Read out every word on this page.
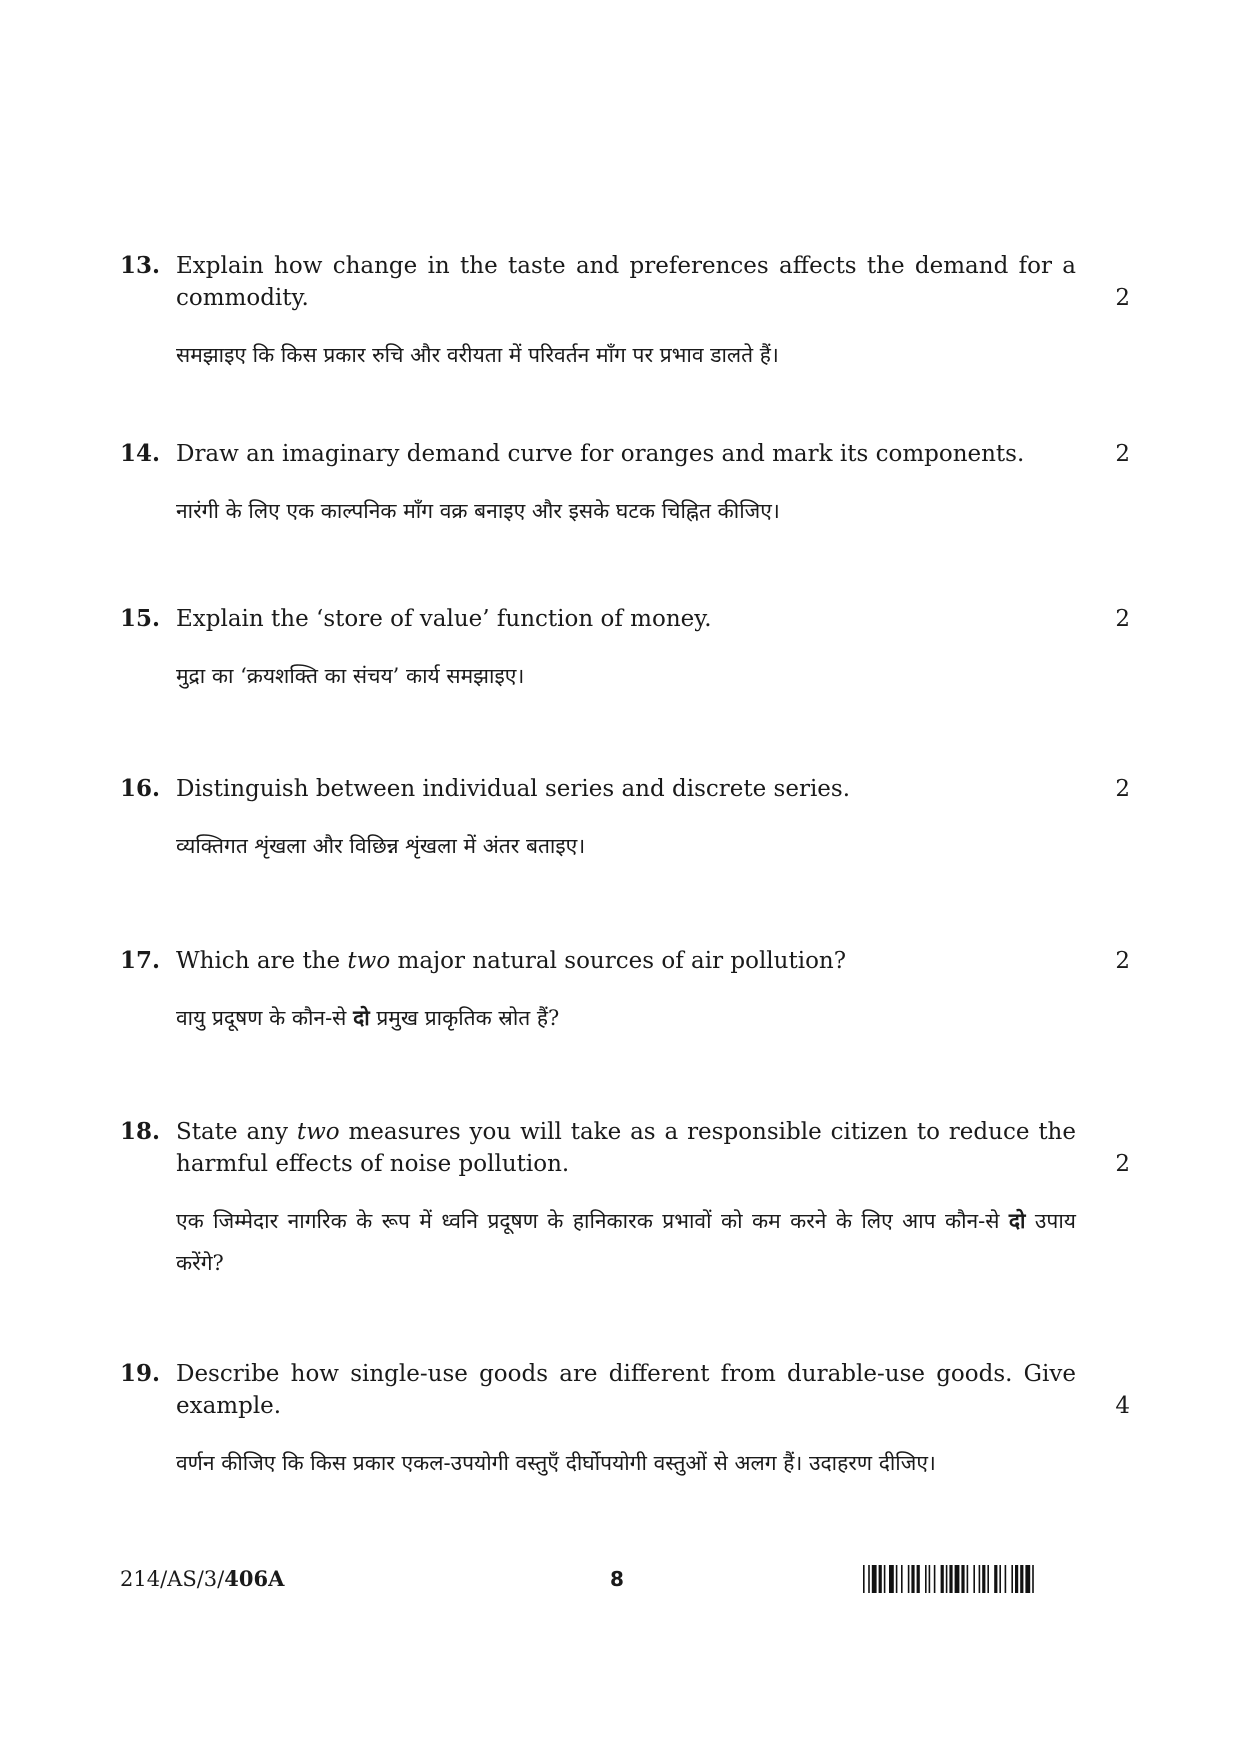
13. Explain how change in the taste and preferences affects the demand for a commodity.	2
समझाइए कि किस प्रकार रुचि और वरीयता में परिवर्तन माँग पर प्रभाव डालते हैं।
14. Draw an imaginary demand curve for oranges and mark its components.	2
नारंगी के लिए एक काल्पनिक माँग वक्र बनाइए और इसके घटक चिह्नित कीजिए।
15. Explain the ‘store of value’ function of money.	2
मुद्रा का ‘क्रयशक्ति का संचय’ कार्य समझाइए।
16. Distinguish between individual series and discrete series.	2
व्यक्तिगत शृंखला और विछिन्न शृंखला में अंतर बताइए।
17. Which are the two major natural sources of air pollution?	2
वायु प्रदूषण के कौन-से दो प्रमुख प्राकृतिक स्रोत हैं?
18. State any two measures you will take as a responsible citizen to reduce the harmful effects of noise pollution.	2
एक जिम्मेदार नागरिक के रूप में ध्वनि प्रदूषण के हानिकारक प्रभावों को कम करने के लिए आप कौन-से दो उपाय करेंगे?
19. Describe how single-use goods are different from durable-use goods. Give example.	4
वर्णन कीजिए कि किस प्रकार एकल-उपयोगी वस्तुएँ दीर्घोपयोगी वस्तुओं से अलग हैं। उदाहरण दीजिए।
214/AS/3/406A	8
